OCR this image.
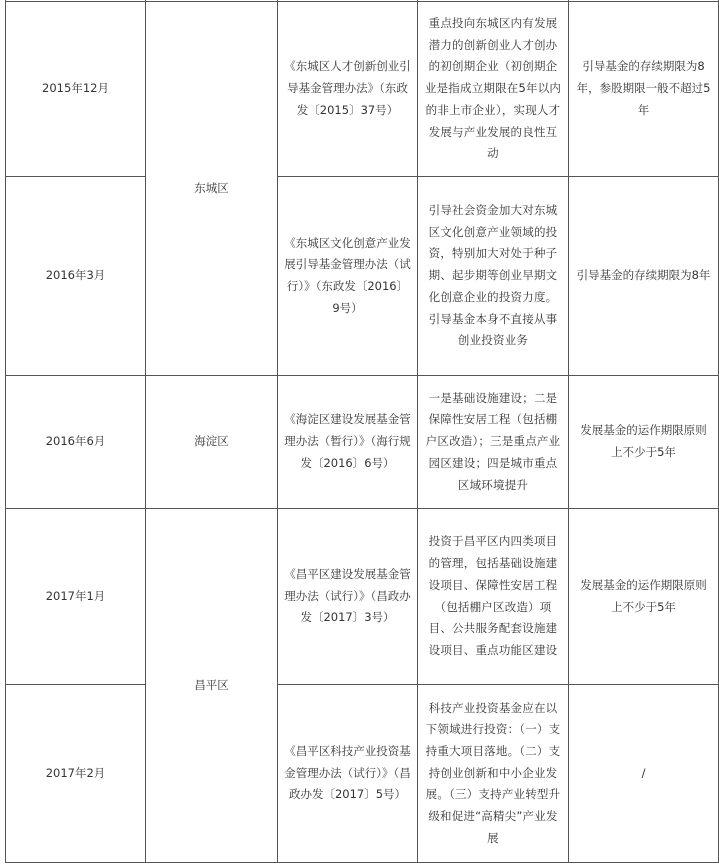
2015年12月	东城区	《东城区人才创新创业引导基金管理办法》（东政发〔2015〕37号）	重点投向东城区内有发展潜力的创新创业人才创办的初创期企业（初创期企业是指成立期限在5年以内的非上市企业），实现人才发展与产业发展的良性互动	引导基金的存续期限为8年，参股期限一般不超过5年
2016年3月		《东城区文化创意产业发展引导基金管理办法（试行）》（东政发〔2016〕9号）	引导社会资金加大对东城区文化创意产业领域的投资，特别加大对处于种子期、起步期等创业早期文化创意企业的投资力度。引导基金本身不直接从事创业投资业务	引导基金的存续期限为8年
2016年6月	海淀区	《海淀区建设发展基金管理办法（暂行）》（海行规发〔2016〕6号）	一是基础设施建设；二是保障性安居工程（包括棚户区改造）；三是重点产业园区建设；四是城市重点区域环境提升	发展基金的运作期限原则上不少于5年
2017年1月	昌平区	《昌平区建设发展基金管理办法（试行）》（昌政办发〔2017〕3号）	投资于昌平区内四类项目的管理，包括基础设施建设项目、保障性安居工程（包括棚户区改造）项目、公共服务配套设施建设项目、重点功能区建设	发展基金的运作期限原则上不少于5年
2017年2月		《昌平区科技产业投资基金管理办法（试行）》（昌政办发〔2017〕5号）	科技产业投资基金应在以下领域进行投资：（一）支持重大项目落地。（二）支持创业创新和中小企业发展。（三）支持产业转型升级和促进“高精尖”产业发展	/
